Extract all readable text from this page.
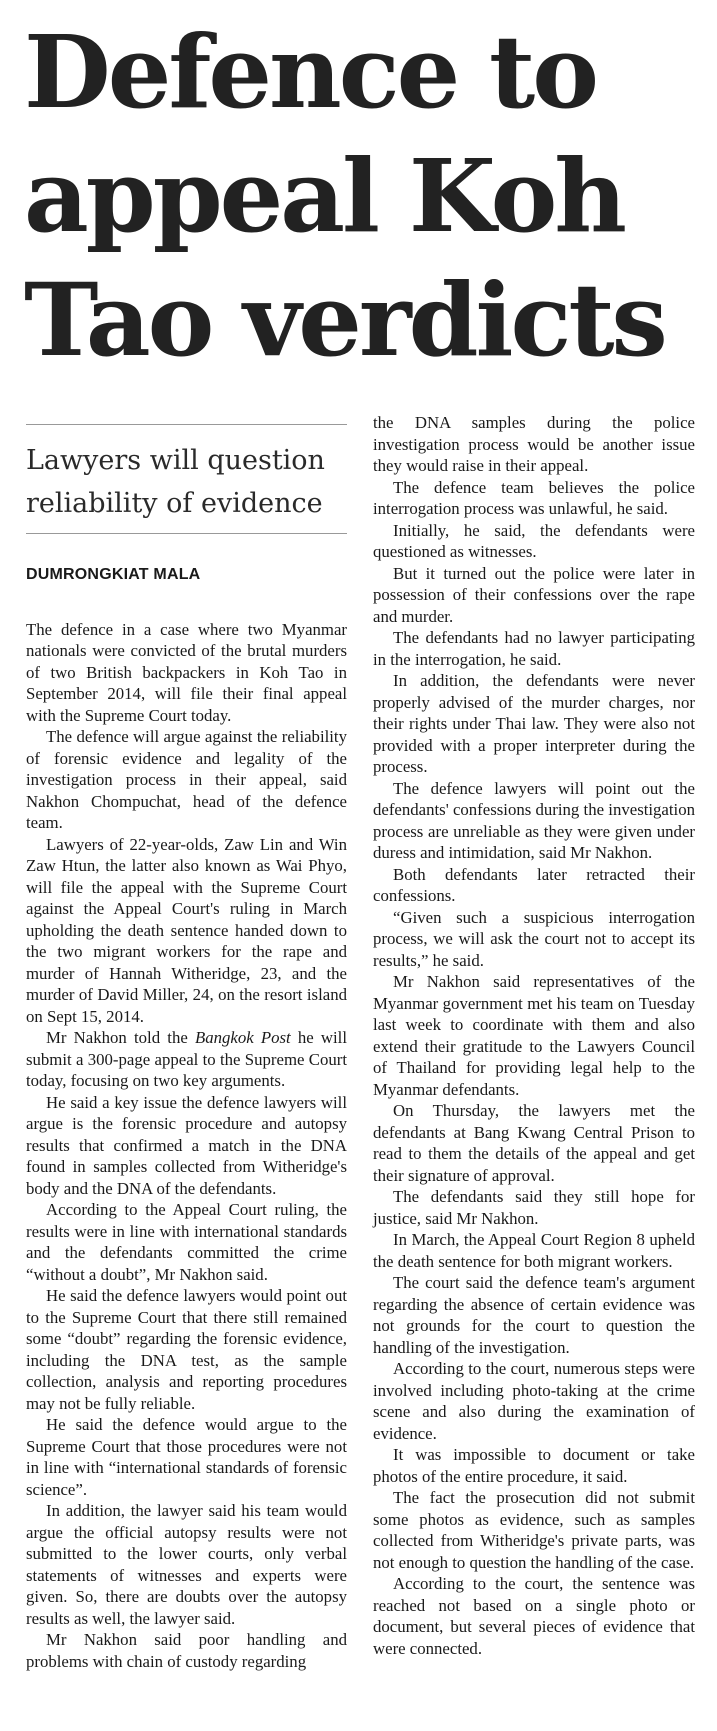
Defence to appeal Koh Tao verdicts
Lawyers will question reliability of evidence
DUMRONGKIAT MALA

The defence in a case where two Myanmar nationals were convicted of the brutal murders of two British backpackers in Koh Tao in September 2014, will file their final appeal with the Supreme Court today.

The defence will argue against the reliability of forensic evidence and legality of the investigation process in their appeal, said Nakhon Chompuchat, head of the defence team.

Lawyers of 22-year-olds, Zaw Lin and Win Zaw Htun, the latter also known as Wai Phyo, will file the appeal with the Supreme Court against the Appeal Court's ruling in March upholding the death sentence handed down to the two migrant workers for the rape and murder of Hannah Witheridge, 23, and the murder of David Miller, 24, on the resort island on Sept 15, 2014.

Mr Nakhon told the Bangkok Post he will submit a 300-page appeal to the Supreme Court today, focusing on two key arguments.

He said a key issue the defence lawyers will argue is the forensic procedure and autopsy results that confirmed a match in the DNA found in samples collected from Witheridge's body and the DNA of the defendants.

According to the Appeal Court ruling, the results were in line with international standards and the defendants committed the crime “without a doubt”, Mr Nakhon said.

He said the defence lawyers would point out to the Supreme Court that there still remained some “doubt” regarding the forensic evidence, including the DNA test, as the sample collection, analysis and reporting procedures may not be fully reliable.

He said the defence would argue to the Supreme Court that those procedures were not in line with “international standards of forensic science”.

In addition, the lawyer said his team would argue the official autopsy results were not submitted to the lower courts, only verbal statements of witnesses and experts were given. So, there are doubts over the autopsy results as well, the lawyer said.

Mr Nakhon said poor handling and problems with chain of custody regarding

the DNA samples during the police investigation process would be another issue they would raise in their appeal.

The defence team believes the police interrogation process was unlawful, he said.

Initially, he said, the defendants were questioned as witnesses.

But it turned out the police were later in possession of their confessions over the rape and murder.

The defendants had no lawyer participating in the interrogation, he said.

In addition, the defendants were never properly advised of the murder charges, nor their rights under Thai law. They were also not provided with a proper interpreter during the process.

The defence lawyers will point out the defendants' confessions during the investigation process are unreliable as they were given under duress and intimidation, said Mr Nakhon.

Both defendants later retracted their confessions.

“Given such a suspicious interrogation process, we will ask the court not to accept its results,” he said.

Mr Nakhon said representatives of the Myanmar government met his team on Tuesday last week to coordinate with them and also extend their gratitude to the Lawyers Council of Thailand for providing legal help to the Myanmar defendants.

On Thursday, the lawyers met the defendants at Bang Kwang Central Prison to read to them the details of the appeal and get their signature of approval.

The defendants said they still hope for justice, said Mr Nakhon.

In March, the Appeal Court Region 8 upheld the death sentence for both migrant workers.

The court said the defence team's argument regarding the absence of certain evidence was not grounds for the court to question the handling of the investigation.

According to the court, numerous steps were involved including photo-taking at the crime scene and also during the examination of evidence.

It was impossible to document or take photos of the entire procedure, it said.

The fact the prosecution did not submit some photos as evidence, such as samples collected from Witheridge's private parts, was not enough to question the handling of the case.

According to the court, the sentence was reached not based on a single photo or document, but several pieces of evidence that were connected.
